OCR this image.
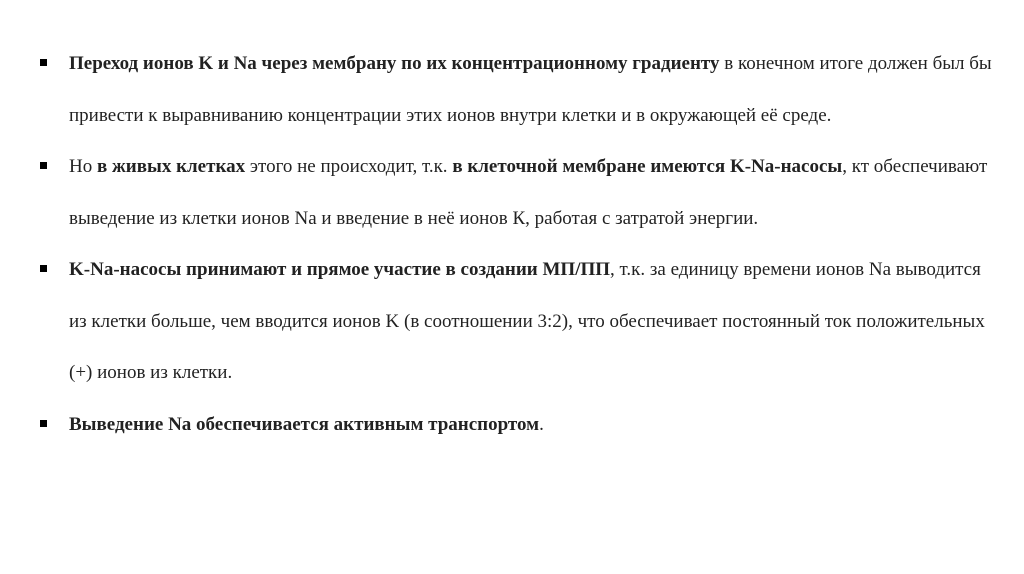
Переход ионов K и Na через мембрану по их концентрационному градиенту в конечном итоге должен был бы привести к выравниванию концентрации этих ионов внутри клетки и в окружающей её среде.
Но в живых клетках этого не происходит, т.к. в клеточной мембране имеются K-Na-насосы, кт обеспечивают выведение из клетки ионов Na и введение в неё ионов К, работая с затратой энергии.
K-Na-насосы принимают и прямое участие в создании МП/ПП, т.к. за единицу времени ионов Na выводится из клетки больше, чем вводится ионов K (в соотношении 3:2), что обеспечивает постоянный ток положительных (+) ионов из клетки.
Выведение Na обеспечивается активным транспортом.
